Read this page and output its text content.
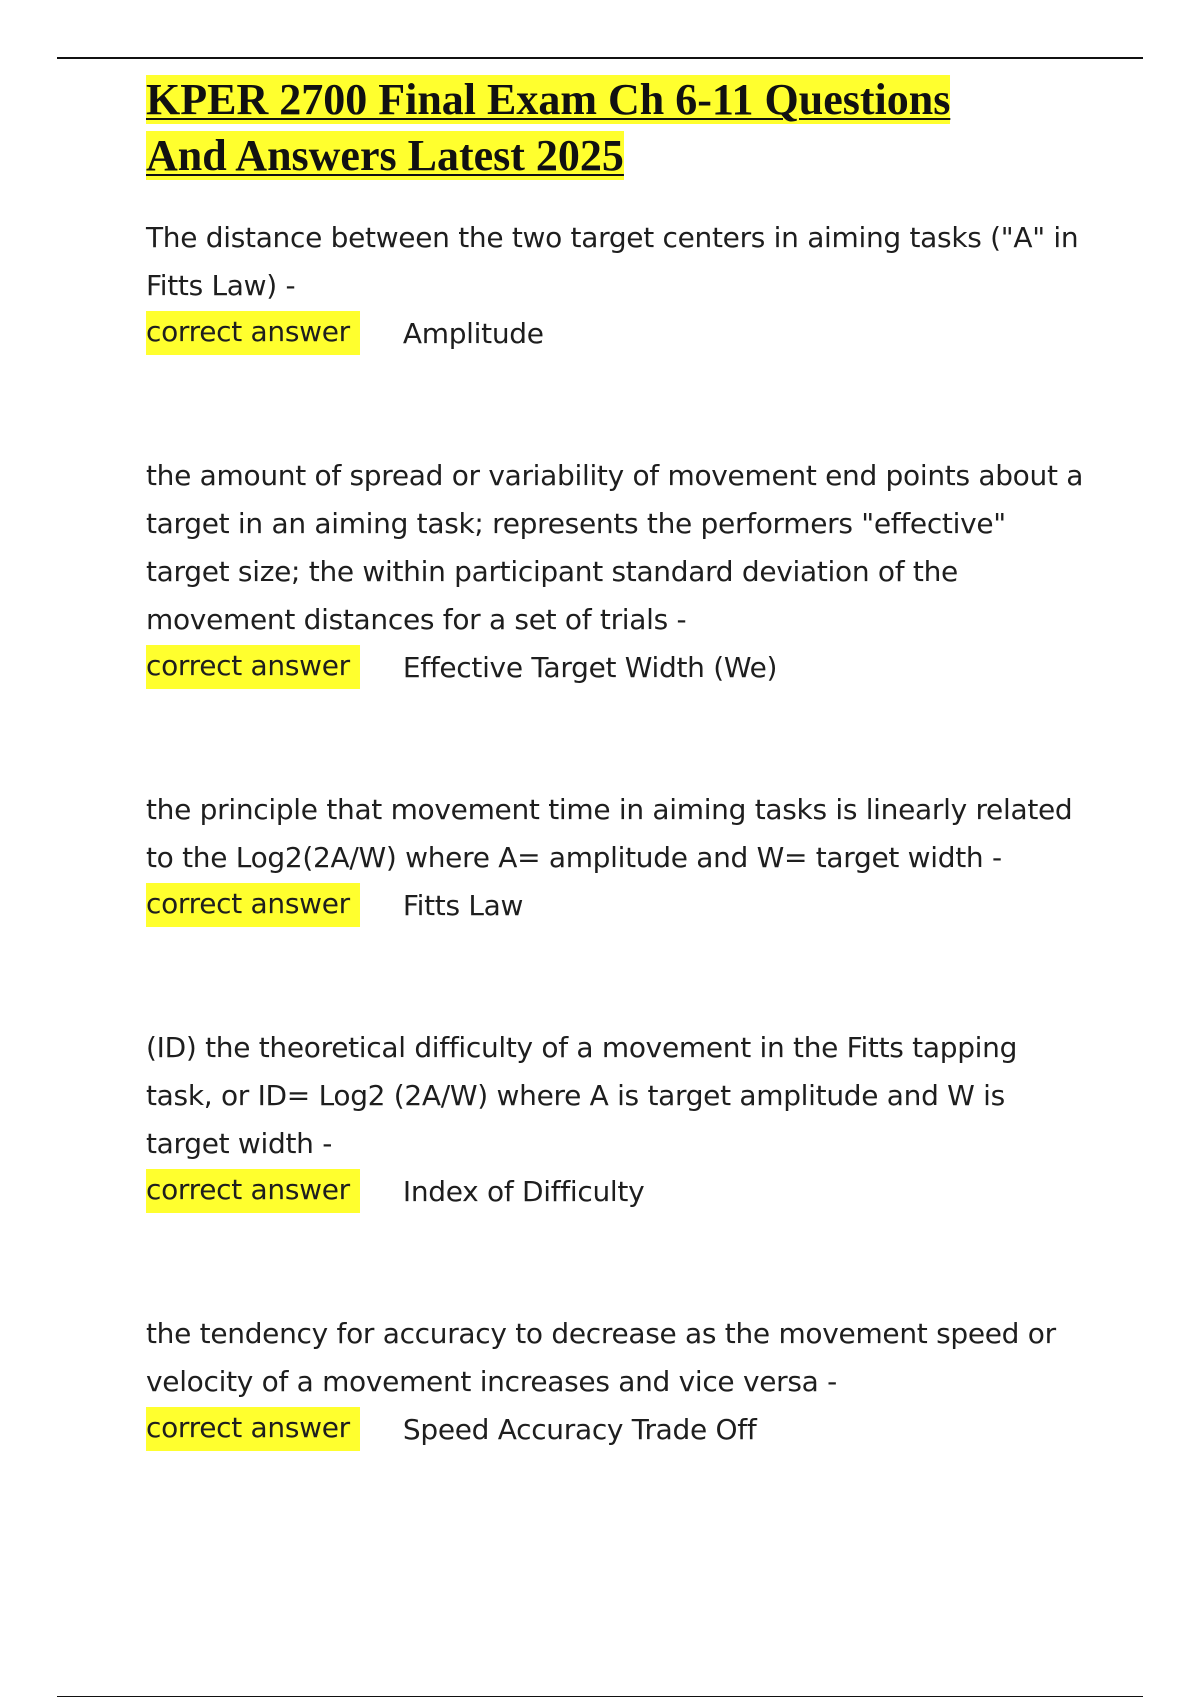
KPER 2700 Final Exam Ch 6-11 Questions
And Answers Latest 2025

The distance between the two target centers in aiming tasks ("A" in Fitts Law) -

correct answer	Amplitude

the amount of spread or variability of movement end points about a target in an aiming task; represents the performers "effective" target size; the within participant standard deviation of the movement distances for a set of trials -

correct answer	Effective Target Width (We)

the principle that movement time in aiming tasks is linearly related to the Log2(2A/W) where A= amplitude and W= target width -

correct answer	Fitts Law

(ID) the theoretical difficulty of a movement in the Fitts tapping task, or ID= Log2 (2A/W) where A is target amplitude and W is target width -

correct answer	Index of Difficulty

the tendency for accuracy to decrease as the movement speed or velocity of a movement increases and vice versa -

correct answer	Speed Accuracy Trade Off
